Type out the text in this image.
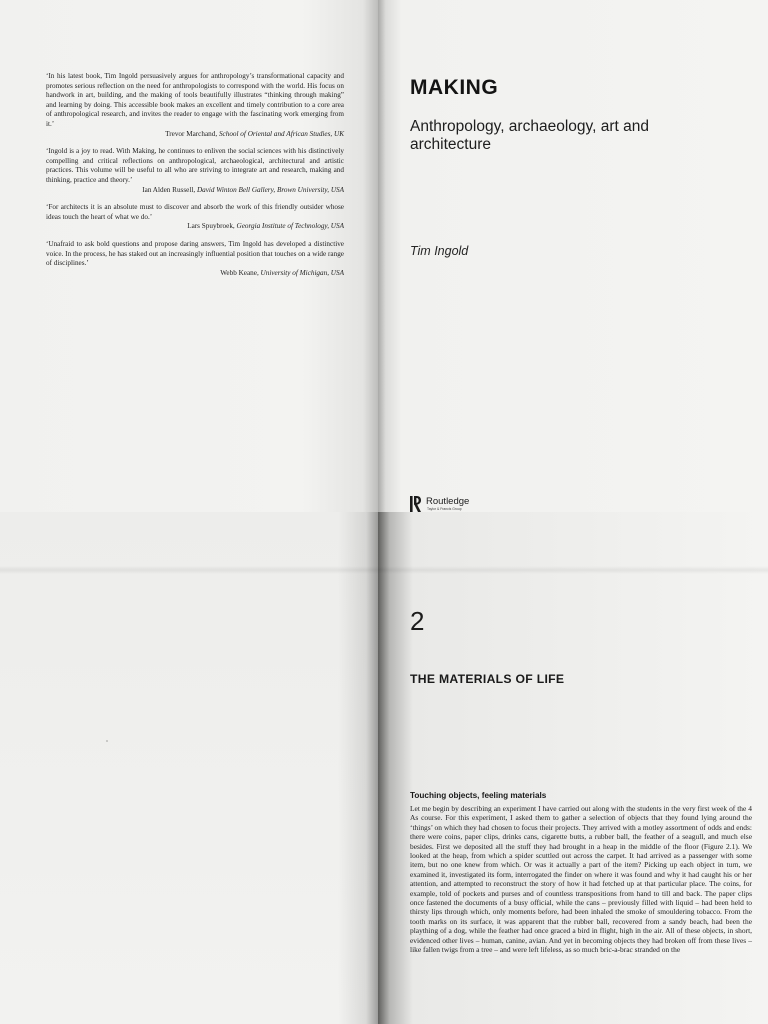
‘In his latest book, Tim Ingold persuasively argues for anthropology’s transformational capacity and promotes serious reflection on the need for anthropologists to correspond with the world. His focus on handwork in art, building, and the making of tools beautifully illustrates “thinking through making” and learning by doing. This accessible book makes an excellent and timely contribution to a core area of anthropological research, and invites the reader to engage with the fascinating work emerging from it.’
Trevor Marchand, School of Oriental and African Studies, UK
‘Ingold is a joy to read. With Making, he continues to enliven the social sciences with his distinctively compelling and critical reflections on anthropological, archaeological, architectural and artistic practices. This volume will be useful to all who are striving to integrate art and research, making and thinking, practice and theory.’
Ian Alden Russell, David Winton Bell Gallery, Brown University, USA
‘For architects it is an absolute must to discover and absorb the work of this friendly outsider whose ideas touch the heart of what we do.’
Lars Spuybroek, Georgia Institute of Technology, USA
‘Unafraid to ask bold questions and propose daring answers, Tim Ingold has developed a distinctive voice. In the process, he has staked out an increasingly influential position that touches on a wide range of disciplines.’
Webb Keane, University of Michigan, USA
MAKING
Anthropology, archaeology, art and architecture
Tim Ingold
Routledge
Taylor & Francis Group
2
THE MATERIALS OF LIFE
Touching objects, feeling materials

Let me begin by describing an experiment I have carried out along with the students in the very first week of the 4 As course. For this experiment, I asked them to gather a selection of objects that they found lying around the ‘things’ on which they had chosen to focus their projects. They arrived with a motley assortment of odds and ends: there were coins, paper clips, drinks cans, cigarette butts, a rubber ball, the feather of a seagull, and much else besides. First we deposited all the stuff they had brought in a heap in the middle of the floor (Figure 2.1). We looked at the heap, from which a spider scuttled out across the carpet. It had arrived as a passenger with some item, but no one knew from which. Or was it actually a part of the item? Picking up each object in turn, we examined it, investigated its form, interrogated the finder on where it was found and why it had caught his or her attention, and attempted to reconstruct the story of how it had fetched up at that particular place. The coins, for example, told of pockets and purses and of countless transpositions from hand to till and back. The paper clips once fastened the documents of a busy official, while the cans – previously filled with liquid – had been held to thirsty lips through which, only moments before, had been inhaled the smoke of smouldering tobacco. From the tooth marks on its surface, it was apparent that the rubber ball, recovered from a sandy beach, had been the plaything of a dog, while the feather had once graced a bird in flight, high in the air. All of these objects, in short, evidenced other lives – human, canine, avian. And yet in becoming objects they had broken off from these lives – like fallen twigs from a tree – and were left lifeless, as so much bric-a-brac stranded on the
